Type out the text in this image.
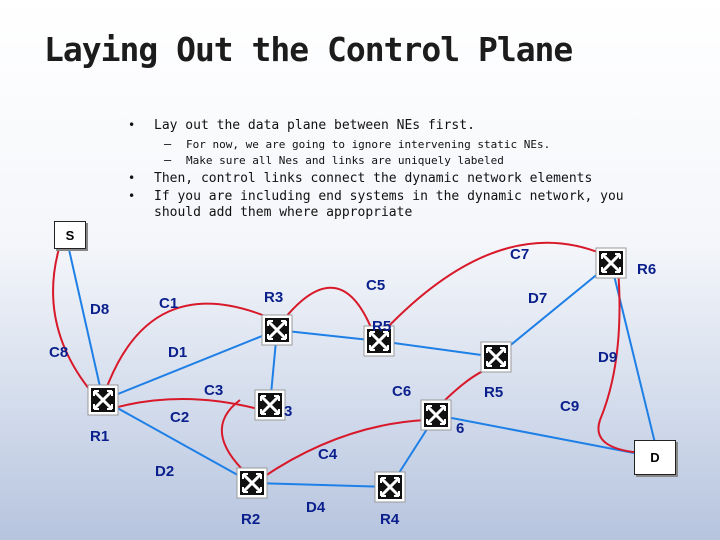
Laying Out the Control Plane
• Lay out the data plane between NEs first.
– For now, we are going to ignore intervening static NEs.
– Make sure all Nes and links are uniquely labeled
• Then, control links connect the dynamic network elements
• If you are including end systems in the dynamic network, you
should add them where appropriate
C7
R6
C5
R3	D7
D8	C1
R5
C8	D1	D9
C3	C6	R5
C9
3
C2
6
R1
C4
D2
D4
R2	R4
S
D
